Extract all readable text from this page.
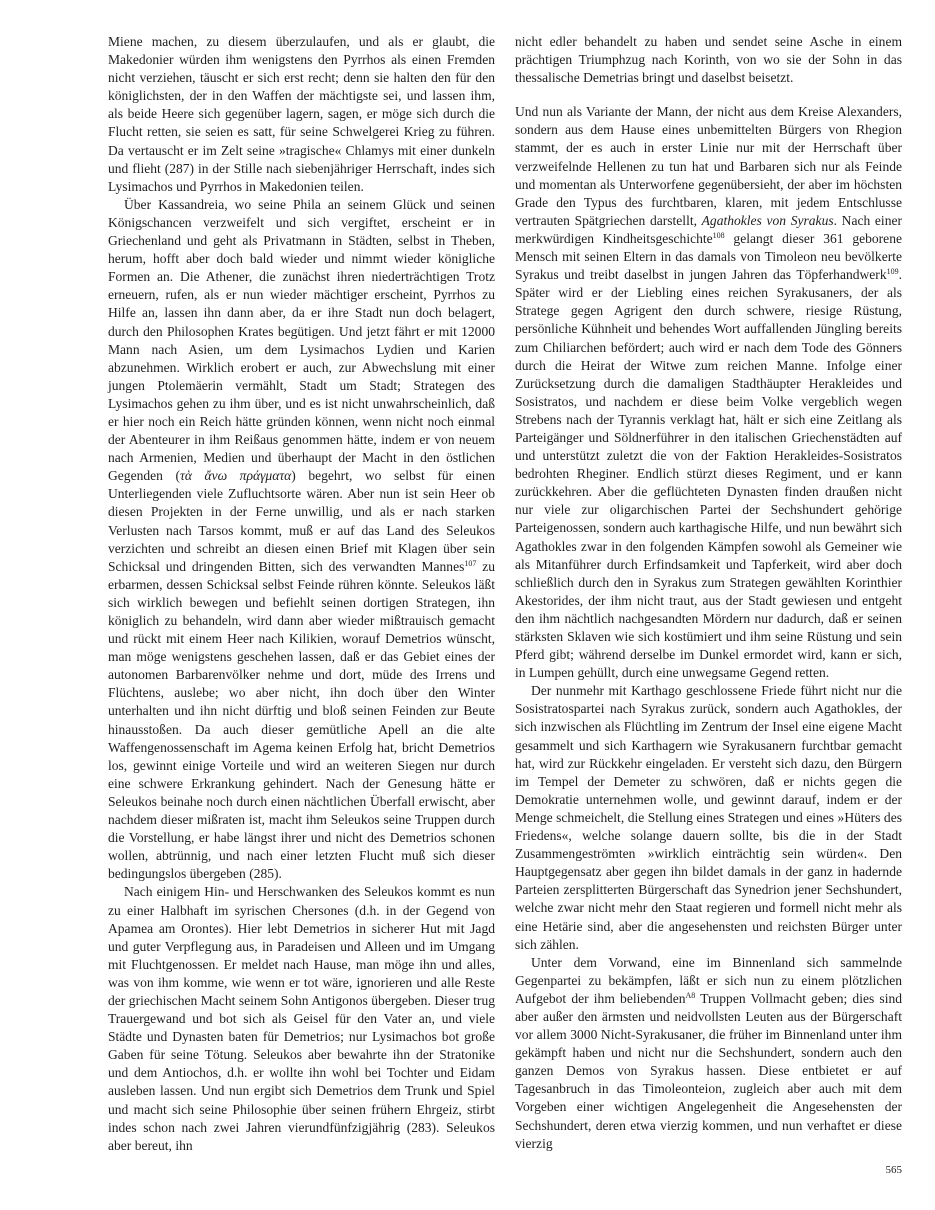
Miene machen, zu diesem überzulaufen, und als er glaubt, die Makedonier würden ihm wenigstens den Pyrrhos als einen Fremden nicht verziehen, täuscht er sich erst recht; denn sie halten den für den königlichsten, der in den Waffen der mächtigste sei, und lassen ihm, als beide Heere sich gegenüber lagern, sagen, er möge sich durch die Flucht retten, sie seien es satt, für seine Schwelgerei Krieg zu führen. Da vertauscht er im Zelt seine »tragische« Chlamys mit einer dunkeln und flieht (287) in der Stille nach siebenjähriger Herrschaft, indes sich Lysimachos und Pyrrhos in Makedonien teilen.

Über Kassandreia, wo seine Phila an seinem Glück und seinen Königschancen verzweifelt und sich vergiftet, erscheint er in Griechenland und geht als Privatmann in Städten, selbst in Theben, herum, hofft aber doch bald wieder und nimmt wieder königliche Formen an. Die Athener, die zunächst ihren niederträchtigen Trotz erneuern, rufen, als er nun wieder mächtiger erscheint, Pyrrhos zu Hilfe an, lassen ihn dann aber, da er ihre Stadt nun doch belagert, durch den Philosophen Krates begütigen. Und jetzt fährt er mit 12000 Mann nach Asien, um dem Lysimachos Lydien und Karien abzunehmen. Wirklich erobert er auch, zur Abwechslung mit einer jungen Ptolemäerin vermählt, Stadt um Stadt; Strategen des Lysimachos gehen zu ihm über, und es ist nicht unwahrscheinlich, daß er hier noch ein Reich hätte gründen können, wenn nicht noch einmal der Abenteurer in ihm Reißaus genommen hätte, indem er von neuem nach Armenien, Medien und überhaupt der Macht in den östlichen Gegenden (τὰ ἄνω πράγματα) begehrt, wo selbst für einen Unterliegenden viele Zufluchtsorte wären. Aber nun ist sein Heer ob diesen Projekten in der Ferne unwillig, und als er nach starken Verlusten nach Tarsos kommt, muß er auf das Land des Seleukos verzichten und schreibt an diesen einen Brief mit Klagen über sein Schicksal und dringenden Bitten, sich des verwandten Mannes$^{107}$ zu erbarmen, dessen Schicksal selbst Feinde rühren könnte. Seleukos läßt sich wirklich bewegen und befiehlt seinen dortigen Strategen, ihn königlich zu behandeln, wird dann aber wieder mißtrauisch gemacht und rückt mit einem Heer nach Kilikien, worauf Demetrios wünscht, man möge wenigstens geschehen lassen, daß er das Gebiet eines der autonomen Barbarenvölker nehme und dort, müde des Irrens und Flüchtens, auslebe; wo aber nicht, ihn doch über den Winter unterhalten und ihn nicht dürftig und bloß seinen Feinden zur Beute hinausstoßen. Da auch dieser gemütliche Apell an die alte Waffengenossenschaft im Agema keinen Erfolg hat, bricht Demetrios los, gewinnt einige Vorteile und wird an weiteren Siegen nur durch eine schwere Erkrankung gehindert. Nach der Genesung hätte er Seleukos beinahe noch durch einen nächtlichen Überfall erwischt, aber nachdem dieser mißraten ist, macht ihm Seleukos seine Truppen durch die Vorstellung, er habe längst ihrer und nicht des Demetrios schonen wollen, abtrünnig, und nach einer letzten Flucht muß sich dieser bedingungslos übergeben (285).

Nach einigem Hin- und Herschwanken des Seleukos kommt es nun zu einer Halbhaft im syrischen Chersones (d.h. in der Gegend von Apamea am Orontes). Hier lebt Demetrios in sicherer Hut mit Jagd und guter Verpflegung aus, in Paradeisen und Alleen und im Umgang mit Fluchtgenossen. Er meldet nach Hause, man möge ihn und alles, was von ihm komme, wie wenn er tot wäre, ignorieren und alle Reste der griechischen Macht seinem Sohn Antigonos übergeben. Dieser trug Trauergewand und bot sich als Geisel für den Vater an, und viele Städte und Dynasten baten für Demetrios; nur Lysimachos bot große Gaben für seine Tötung. Seleukos aber bewahrte ihn der Stratonike und dem Antiochos, d.h. er wollte ihn wohl bei Tochter und Eidam ausleben lassen. Und nun ergibt sich Demetrios dem Trunk und Spiel und macht sich seine Philosophie über seinen frühern Ehrgeiz, stirbt indes schon nach zwei Jahren vierundfünfzigjährig (283). Seleukos aber bereut, ihn

nicht edler behandelt zu haben und sendet seine Asche in einem prächtigen Triumphzug nach Korinth, von wo sie der Sohn in das thessalische Demetrias bringt und daselbst beisetzt.

Und nun als Variante der Mann, der nicht aus dem Kreise Alexanders, sondern aus dem Hause eines unbemittelten Bürgers von Rhegion stammt, der es auch in erster Linie nur mit der Herrschaft über verzweifelnde Hellenen zu tun hat und Barbaren sich nur als Feinde und momentan als Unterworfene gegenübersieht, der aber im höchsten Grade den Typus des furchtbaren, klaren, mit jedem Entschlusse vertrauten Spätgriechen darstellt, Agathokles von Syrakus. Nach einer merkwürdigen Kindheitsgeschichte$^{108}$ gelangt dieser 361 geborene Mensch mit seinen Eltern in das damals von Timoleon neu bevölkerte Syrakus und treibt daselbst in jungen Jahren das Töpferhandwerk$^{109}$. Später wird er der Liebling eines reichen Syrakusaners, der als Stratege gegen Agrigent den durch schwere, riesige Rüstung, persönliche Kühnheit und behendes Wort auffallenden Jüngling bereits zum Chiliarchen befördert; auch wird er nach dem Tode des Gönners durch die Heirat der Witwe zum reichen Manne. Infolge einer Zurücksetzung durch die damaligen Stadthäupter Herakleides und Sosistratos, und nachdem er diese beim Volke vergeblich wegen Strebens nach der Tyrannis verklagt hat, hält er sich eine Zeitlang als Parteigänger und Söldnerführer in den italischen Griechenstädten auf und unterstützt zuletzt die von der Faktion Herakleides-Sosistratos bedrohten Rheginer. Endlich stürzt dieses Regiment, und er kann zurückkehren. Aber die geflüchteten Dynasten finden draußen nicht nur viele zur oligarchischen Partei der Sechshundert gehörige Parteigenossen, sondern auch karthagische Hilfe, und nun bewährt sich Agathokles zwar in den folgenden Kämpfen sowohl als Gemeiner wie als Mitanführer durch Erfindsamkeit und Tapferkeit, wird aber doch schließlich durch den in Syrakus zum Strategen gewählten Korinthier Akestorides, der ihm nicht traut, aus der Stadt gewiesen und entgeht den ihm nächtlich nachgesandten Mördern nur dadurch, daß er seinen stärksten Sklaven wie sich kostümiert und ihm seine Rüstung und sein Pferd gibt; während derselbe im Dunkel ermordet wird, kann er sich, in Lumpen gehüllt, durch eine unwegsame Gegend retten.

Der nunmehr mit Karthago geschlossene Friede führt nicht nur die Sosistratospartei nach Syrakus zurück, sondern auch Agathokles, der sich inzwischen als Flüchtling im Zentrum der Insel eine eigene Macht gesammelt und sich Karthagern wie Syrakusanern furchtbar gemacht hat, wird zur Rückkehr eingeladen. Er versteht sich dazu, den Bürgern im Tempel der Demeter zu schwören, daß er nichts gegen die Demokratie unternehmen wolle, und gewinnt darauf, indem er der Menge schmeichelt, die Stellung eines Strategen und eines »Hüters des Friedens«, welche solange dauern sollte, bis die in der Stadt Zusammengeströmten »wirklich einträchtig sein würden«. Den Hauptgegensatz aber gegen ihn bildet damals in der ganz in hadernde Parteien zersplitterten Bürgerschaft das Synedrion jener Sechshundert, welche zwar nicht mehr den Staat regieren und formell nicht mehr als eine Hetärie sind, aber die angesehensten und reichsten Bürger unter sich zählen.

Unter dem Vorwand, eine im Binnenland sich sammelnde Gegenpartei zu bekämpfen, läßt er sich nun zu einem plötzlichen Aufgebot der ihm beliebenden$^{A8}$ Truppen Vollmacht geben; dies sind aber außer den ärmsten und neidvollsten Leuten aus der Bürgerschaft vor allem 3000 Nicht-Syrakusaner, die früher im Binnenland unter ihm gekämpft haben und nicht nur die Sechshundert, sondern auch den ganzen Demos von Syrakus hassen. Diese entbietet er auf Tagesanbruch in das Timoleonteion, zugleich aber auch mit dem Vorgeben einer wichtigen Angelegenheit die Angesehensten der Sechshundert, deren etwa vierzig kommen, und nun verhaftet er diese vierzig

565
